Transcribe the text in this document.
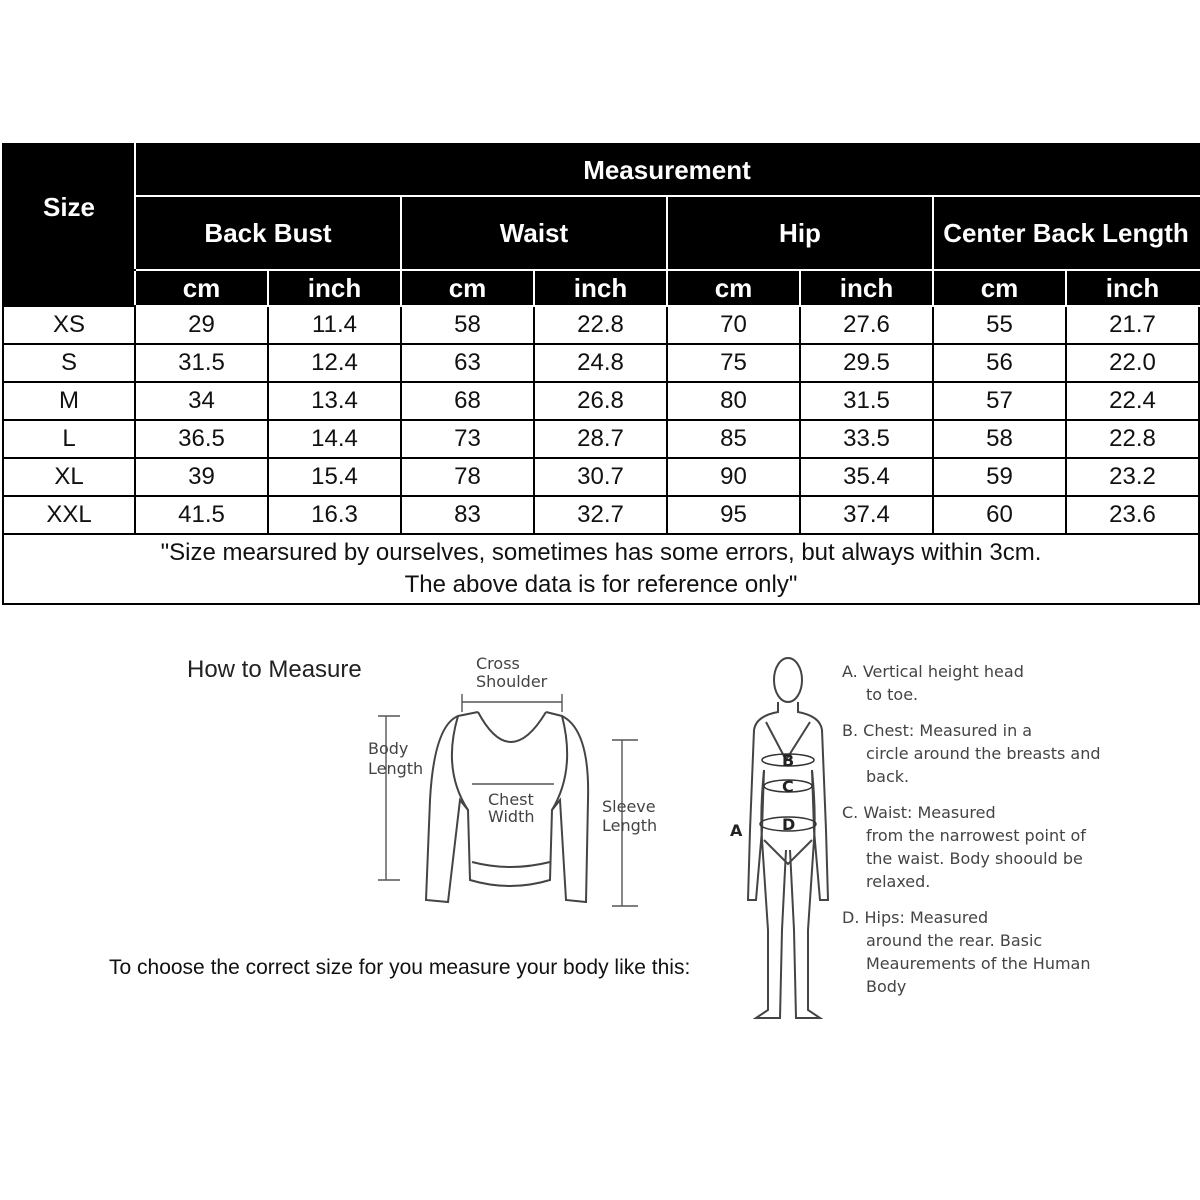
Size	Measurement							
	Back Bust		Waist		Hip		Center Back Length	
	cm	inch	cm	inch	cm	inch	cm	inch
XS	29	11.4	58	22.8	70	27.6	55	21.7
S	31.5	12.4	63	24.8	75	29.5	56	22.0
M	34	13.4	68	26.8	80	31.5	57	22.4
L	36.5	14.4	73	28.7	85	33.5	58	22.8
XL	39	15.4	78	30.7	90	35.4	59	23.2
XXL	41.5	16.3	83	32.7	95	37.4	60	23.6
"Size mearsured by ourselves, sometimes has some errors, but always within 3cm.
The above data is for reference only"								
How to Measure	Cross
Shoulder
Body
Length
Chest
Width
Sleeve
Length
B
C
D
A
A. Vertical height head
to toe.
B. Chest: Measured in a
circle around the breasts and back.
C. Waist: Measured
from the narrowest point of the waist. Body shoould be relaxed.
D. Hips: Measured
around the rear. Basic Meaurements of the Human Body
To choose the correct size for you measure your body like this:
